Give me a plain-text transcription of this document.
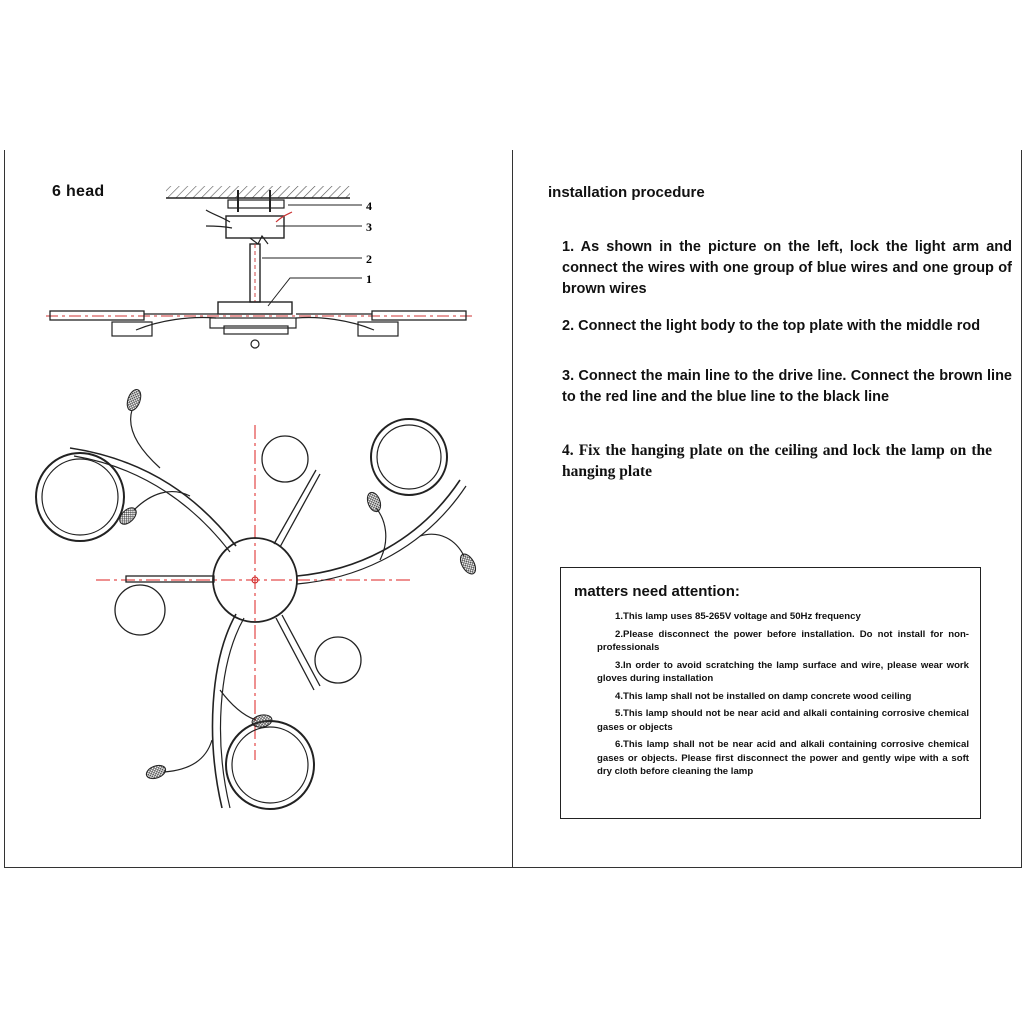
6 head
4
3
2
1
installation procedure
1. As shown in the picture on the left, lock the light arm and connect the wires with one group of blue wires and one group of brown wires
2. Connect the light body to the top plate with the middle rod
3. Connect the main line to the drive line. Connect the brown line to the red line and the blue line to the black line
4. Fix the hanging plate on the ceiling and lock the lamp on the hanging plate
matters need attention:
1.This lamp uses 85-265V voltage and 50Hz frequency
2.Please disconnect the power before installation. Do not install for non-professionals
3.In order to avoid scratching the lamp surface and wire, please wear work gloves during installation
4.This lamp shall not be installed on damp concrete wood ceiling
5.This lamp should not be near acid and alkali containing corrosive chemical gases or objects
6.This lamp shall not be near acid and alkali containing corrosive chemical gases or objects. Please first disconnect the power and gently wipe with a soft dry cloth before cleaning the lamp
